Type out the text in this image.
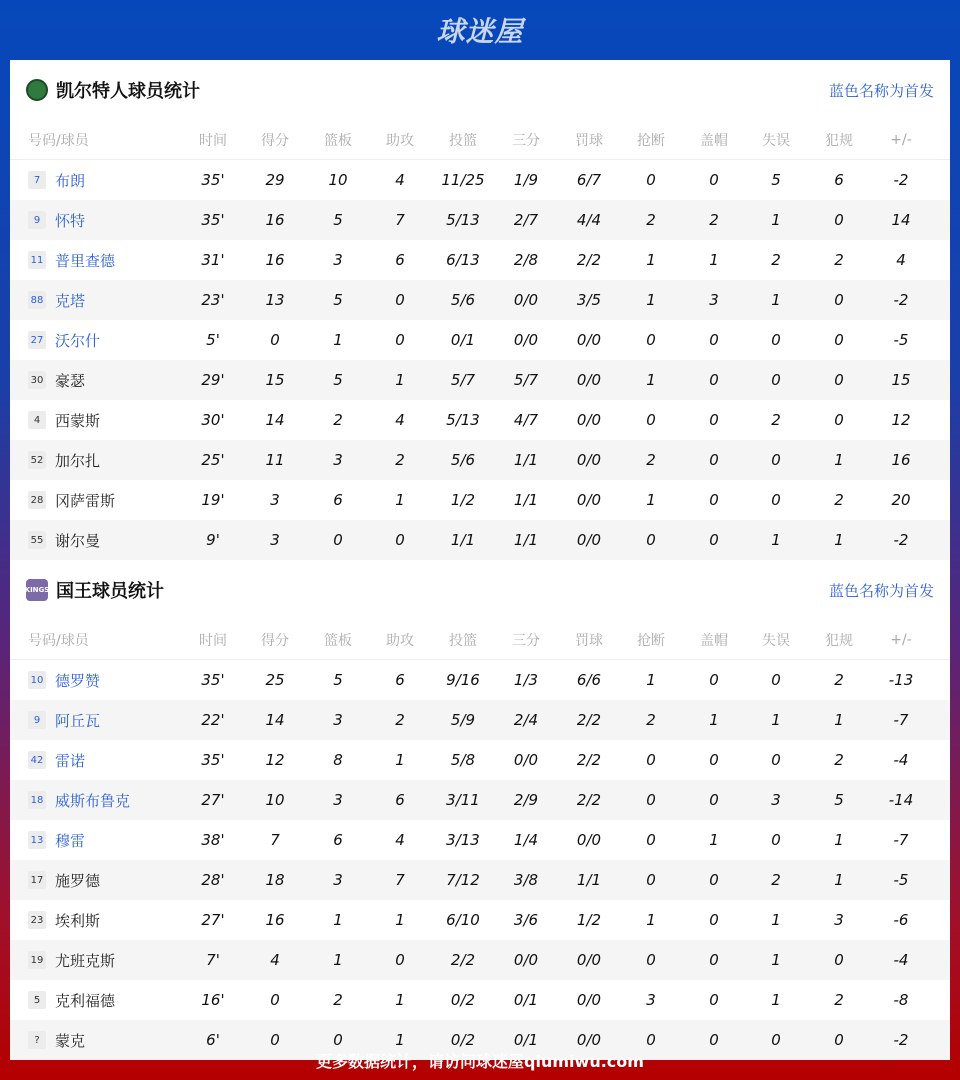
球迷屋
凯尔特人球员统计	蓝色名称为首发
号码/球员	时间	得分	篮板	助攻	投篮	三分	罚球	抢断	盖帽	失误	犯规	+/-
7 布朗	35'	29	10	4	11/25	1/9	6/7	0	0	5	6	-2
9 怀特	35'	16	5	7	5/13	2/7	4/4	2	2	1	0	14
11 普里查德	31'	16	3	6	6/13	2/8	2/2	1	1	2	2	4
88 克塔	23'	13	5	0	5/6	0/0	3/5	1	3	1	0	-2
27 沃尔什	5'	0	1	0	0/1	0/0	0/0	0	0	0	0	-5
30 豪瑟	29'	15	5	1	5/7	5/7	0/0	1	0	0	0	15
4 西蒙斯	30'	14	2	4	5/13	4/7	0/0	0	0	2	0	12
52 加尔扎	25'	11	3	2	5/6	1/1	0/0	2	0	0	1	16
28 冈萨雷斯	19'	3	6	1	1/2	1/1	0/0	1	0	0	2	20
55 谢尔曼	9'	3	0	0	1/1	1/1	0/0	0	0	1	1	-2
KINGS 国王球员统计	蓝色名称为首发
号码/球员	时间	得分	篮板	助攻	投篮	三分	罚球	抢断	盖帽	失误	犯规	+/-
10 德罗赞	35'	25	5	6	9/16	1/3	6/6	1	0	0	2	-13
9 阿丘瓦	22'	14	3	2	5/9	2/4	2/2	2	1	1	1	-7
42 雷诺	35'	12	8	1	5/8	0/0	2/2	0	0	0	2	-4
18 威斯布鲁克	27'	10	3	6	3/11	2/9	2/2	0	0	3	5	-14
13 穆雷	38'	7	6	4	3/13	1/4	0/0	0	1	0	1	-7
17 施罗德	28'	18	3	7	7/12	3/8	1/1	0	0	2	1	-5
23 埃利斯	27'	16	1	1	6/10	3/6	1/2	1	0	1	3	-6
19 尤班克斯	7'	4	1	0	2/2	0/0	0/0	0	0	1	0	-4
5 克利福德	16'	0	2	1	0/2	0/1	0/0	3	0	1	2	-8
?	蒙克	6'	0	0	1	0/2	0/1	0/0	0	0	0	0	-2
更多数据统计，请访问球迷屋qiumiwu.com
